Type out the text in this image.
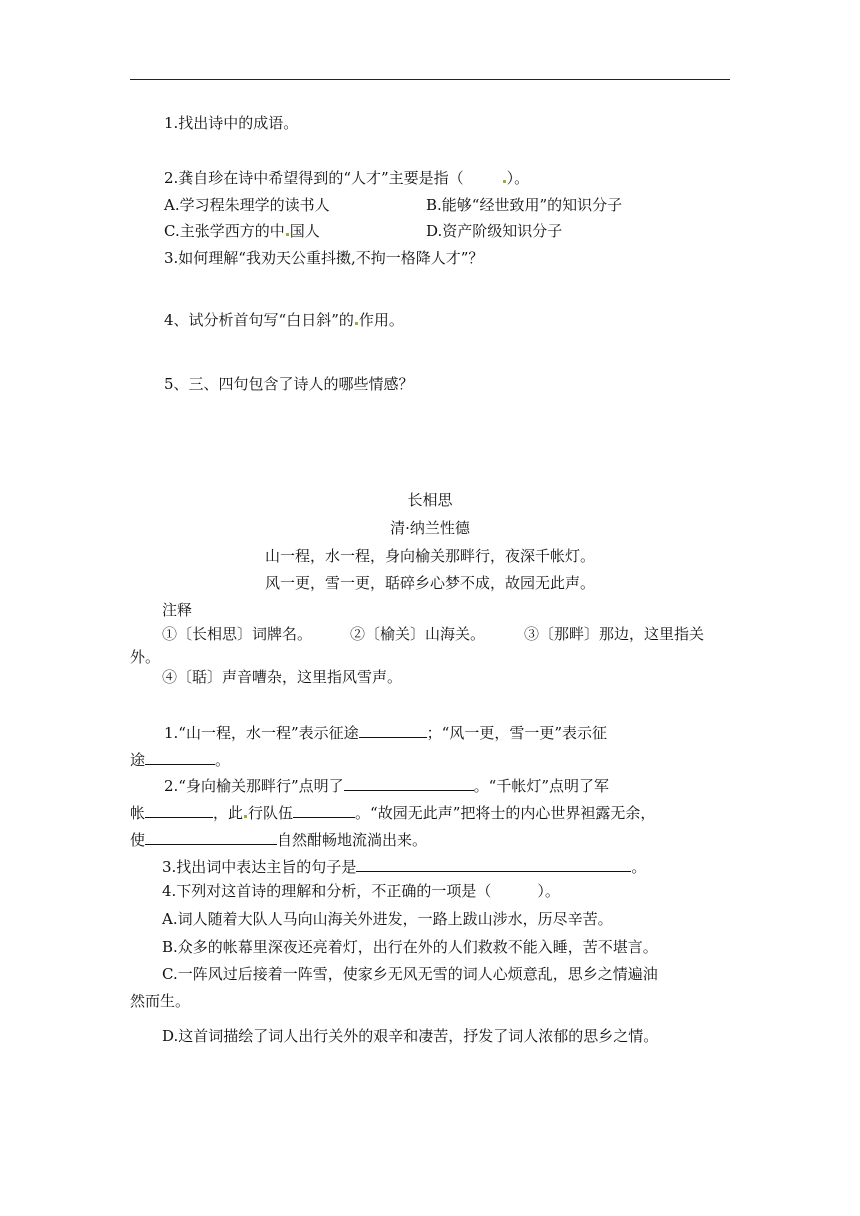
1.找出诗中的成语。
2.龚自珍在诗中希望得到的“人才”主要是指（	）。
A.学习程朱理学的读书人	B.能够“经世致用”的知识分子
C.主张学西方的中 国人	D.资产阶级知识分子
3.如何理解“我劝天公重抖擞,不拘一格降人才”？
4、试分析首句写“白日斜”的 作用。
5、三、四句包含了诗人的哪些情感？
长相思
清·纳兰性德
山一程，水一程，身向榆关那畔行，夜深千帐灯。
风一更，雪一更，聒碎乡心梦不成，故园无此声。
注释
①〔长相思〕词牌名。	②〔榆关〕山海关。	③〔那畔〕那边，这里指关
外。
④〔聒〕声音嘈杂，这里指风雪声。
1.“山一程，水一程”表示征途	；“风一更，雪一更”表示征
途	。
2.“身向榆关那畔行”点明了	。“千帐灯”点明了军
帐	，此 行队伍	。“故园无此声”把将士的内心世界袒露无余，
使	自然酣畅地流淌出来。
3.找出词中表达主旨的句子是	。
4.下列对这首诗的理解和分析，不正确的一项是（	）。
A.词人随着大队人马向山海关外进发，一路上跋山涉水，历尽辛苦。
B.众多的帐幕里深夜还亮着灯，出行在外的人们救救不能入睡，苦不堪言。
C.一阵风过后接着一阵雪，使家乡无风无雪的词人心烦意乱，思乡之情遍油
然而生。
D.这首词描绘了词人出行关外的艰辛和凄苦，抒发了词人浓郁的思乡之情。
